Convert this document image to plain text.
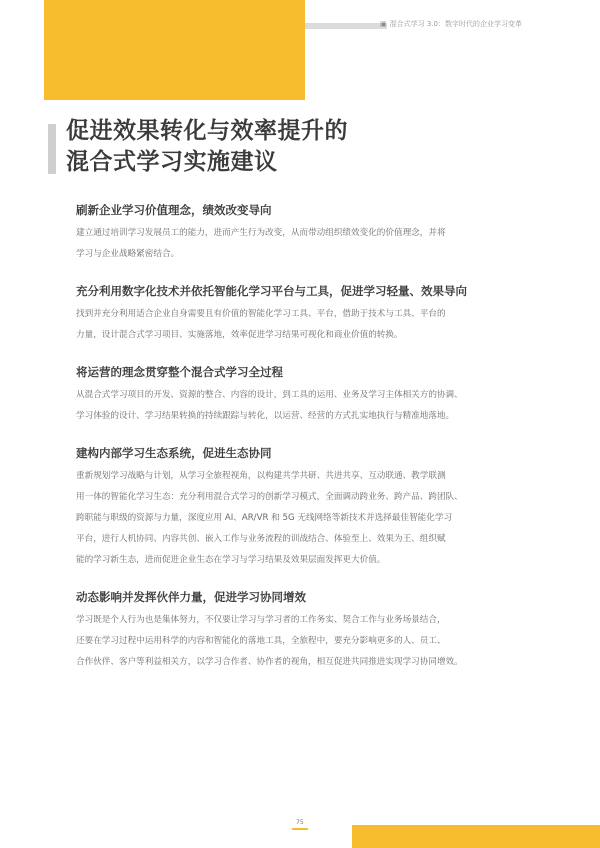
▣ 混合式学习 3.0：数字时代的企业学习变革
促进效果转化与效率提升的
混合式学习实施建议
刷新企业学习价值理念，绩效改变导向

建立通过培训学习发展员工的能力，进而产生行为改变，从而带动组织绩效变化的价值理念，并将

学习与企业战略紧密结合。

充分利用数字化技术并依托智能化学习平台与工具，促进学习轻量、效果导向

找到并充分利用适合企业自身需要且有价值的智能化学习工具、平台，借助于技术与工具、平台的

力量，设计混合式学习项目、实施落地，效率促进学习结果可视化和商业价值的转换。

将运营的理念贯穿整个混合式学习全过程

从混合式学习项目的开发、资源的整合、内容的设计，到工具的运用、业务及学习主体相关方的协调、

学习体验的设计、学习结果转换的持续跟踪与转化，以运营、经营的方式扎实地执行与精准地落地。

建构内部学习生态系统，促进生态协同

重新规划学习战略与计划，从学习全旅程视角，以构建共学共研、共进共享、互动联通、教学联测

用一体的智能化学习生态：充分利用混合式学习的创新学习模式，全面调动跨业务、跨产品、跨团队、

跨职能与职级的资源与力量，深度应用 AI、AR/VR 和 5G 无线网络等新技术并选择最佳智能化学习

平台，进行人机协同、内容共创、嵌入工作与业务流程的训战结合、体验至上、效果为王、组织赋

能的学习新生态，进而促进企业生态在学习与学习结果及效果层面发挥更大价值。

动态影响并发挥伙伴力量，促进学习协同增效

学习既是个人行为也是集体努力，不仅要让学习与学习者的工作务实、契合工作与业务场景结合，

还要在学习过程中运用科学的内容和智能化的落地工具，全旅程中，要充分影响更多的人、员工、

合作伙伴、客户等利益相关方，以学习合作者、协作者的视角，相互促进共同推进实现学习协同增效。

75
